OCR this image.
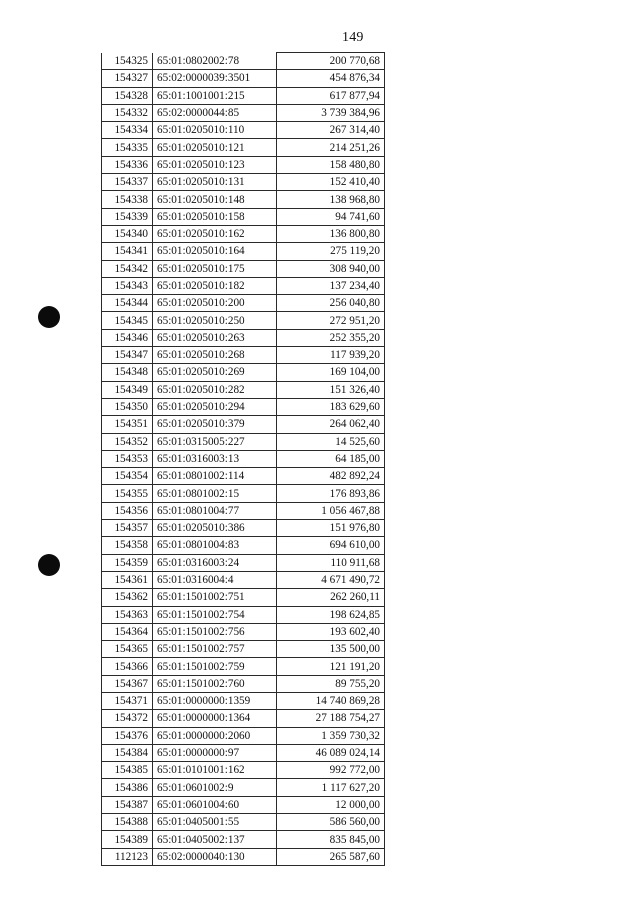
149
154325	65:01:0802002:78	200 770,68
154327	65:02:0000039:3501	454 876,34
154328	65:01:1001001:215	617 877,94
154332	65:02:0000044:85	3 739 384,96
154334	65:01:0205010:110	267 314,40
154335	65:01:0205010:121	214 251,26
154336	65:01:0205010:123	158 480,80
154337	65:01:0205010:131	152 410,40
154338	65:01:0205010:148	138 968,80
154339	65:01:0205010:158	94 741,60
154340	65:01:0205010:162	136 800,80
154341	65:01:0205010:164	275 119,20
154342	65:01:0205010:175	308 940,00
154343	65:01:0205010:182	137 234,40
154344	65:01:0205010:200	256 040,80
154345	65:01:0205010:250	272 951,20
154346	65:01:0205010:263	252 355,20
154347	65:01:0205010:268	117 939,20
154348	65:01:0205010:269	169 104,00
154349	65:01:0205010:282	151 326,40
154350	65:01:0205010:294	183 629,60
154351	65:01:0205010:379	264 062,40
154352	65:01:0315005:227	14 525,60
154353	65:01:0316003:13	64 185,00
154354	65:01:0801002:114	482 892,24
154355	65:01:0801002:15	176 893,86
154356	65:01:0801004:77	1 056 467,88
154357	65:01:0205010:386	151 976,80
154358	65:01:0801004:83	694 610,00
154359	65:01:0316003:24	110 911,68
154361	65:01:0316004:4	4 671 490,72
154362	65:01:1501002:751	262 260,11
154363	65:01:1501002:754	198 624,85
154364	65:01:1501002:756	193 602,40
154365	65:01:1501002:757	135 500,00
154366	65:01:1501002:759	121 191,20
154367	65:01:1501002:760	89 755,20
154371	65:01:0000000:1359	14 740 869,28
154372	65:01:0000000:1364	27 188 754,27
154376	65:01:0000000:2060	1 359 730,32
154384	65:01:0000000:97	46 089 024,14
154385	65:01:0101001:162	992 772,00
154386	65:01:0601002:9	1 117 627,20
154387	65:01:0601004:60	12 000,00
154388	65:01:0405001:55	586 560,00
154389	65:01:0405002:137	835 845,00
112123	65:02:0000040:130	265 587,60
